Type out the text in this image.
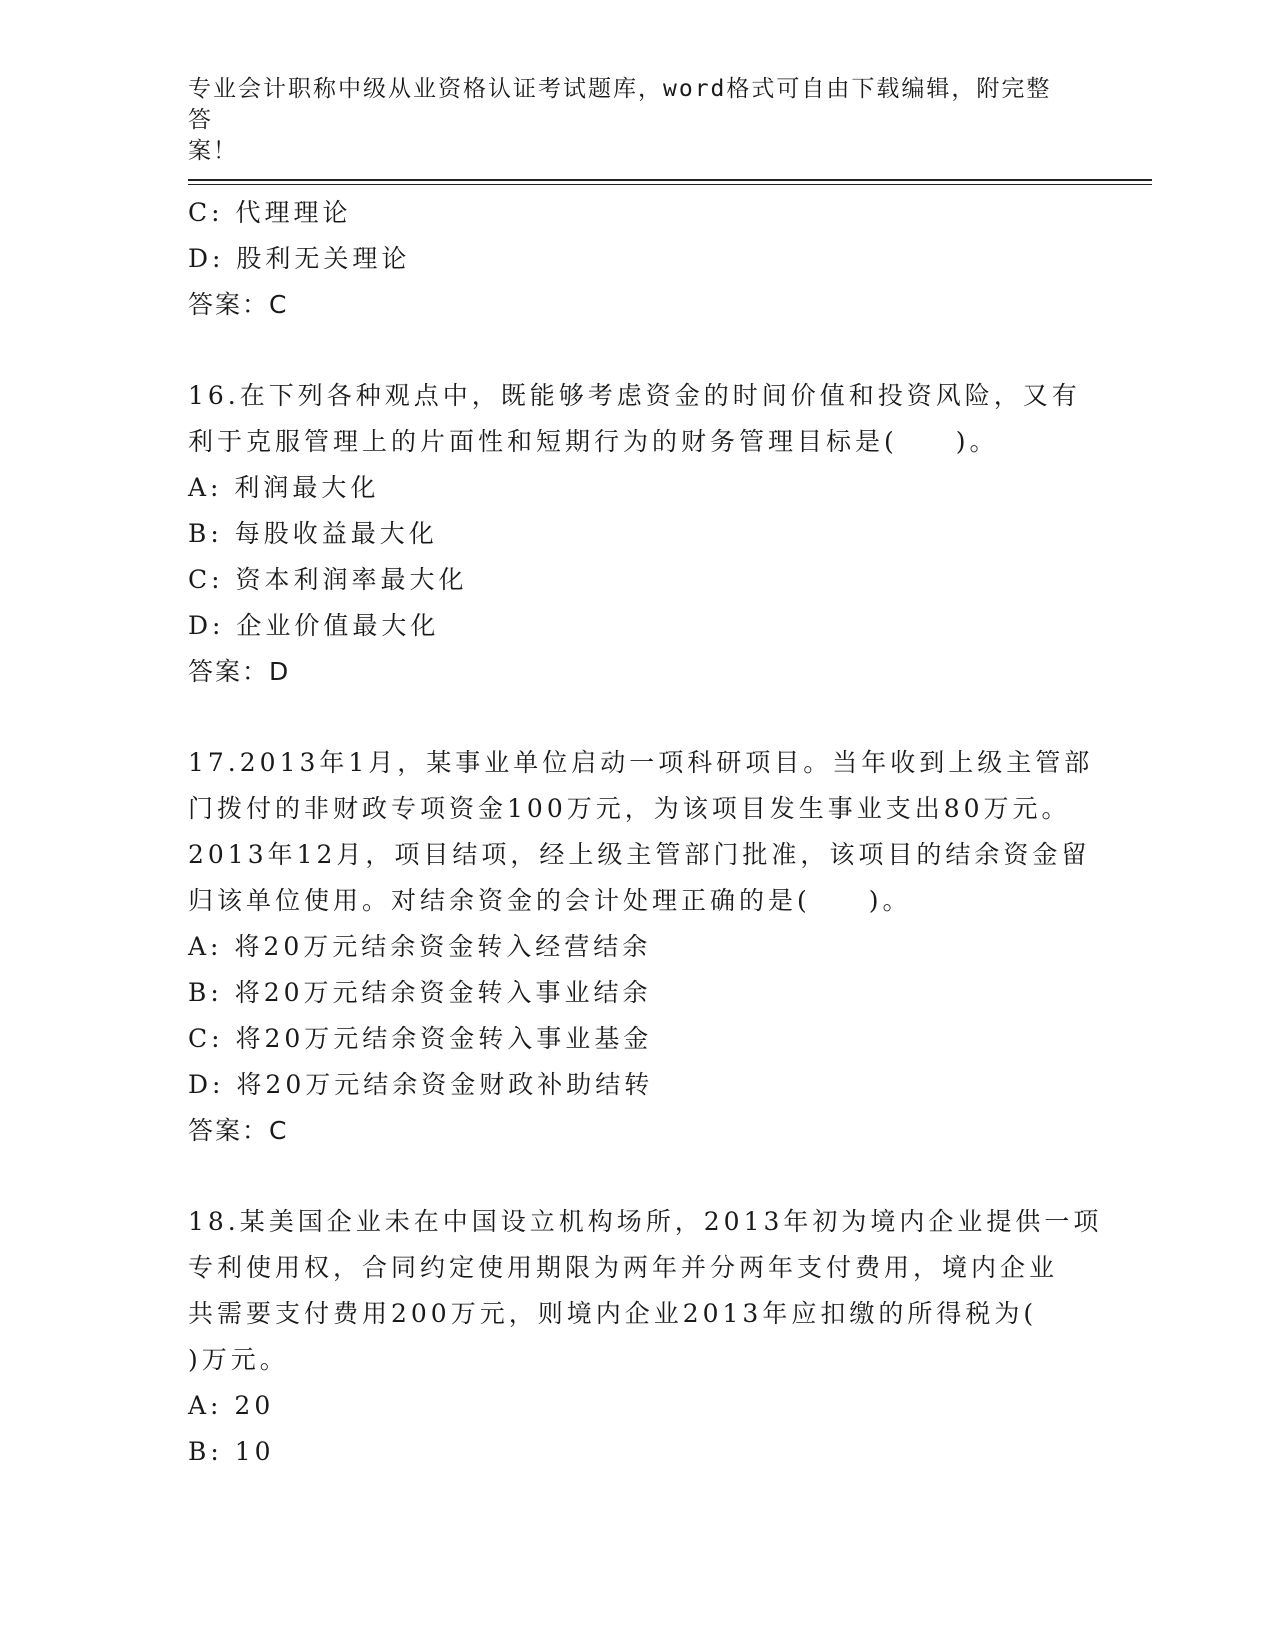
专业会计职称中级从业资格认证考试题库，word格式可自由下载编辑，附完整答
案！
C: 代理理论
D: 股利无关理论
答案：C
16.在下列各种观点中，既能够考虑资金的时间价值和投资风险，又有
利于克服管理上的片面性和短期行为的财务管理目标是(　　)。
A: 利润最大化
B: 每股收益最大化
C: 资本利润率最大化
D: 企业价值最大化
答案：D
17.2013年1月，某事业单位启动一项科研项目。当年收到上级主管部
门拨付的非财政专项资金100万元，为该项目发生事业支出80万元。
2013年12月，项目结项，经上级主管部门批准，该项目的结余资金留
归该单位使用。对结余资金的会计处理正确的是(　　)。
A: 将20万元结余资金转入经营结余
B: 将20万元结余资金转入事业结余
C: 将20万元结余资金转入事业基金
D: 将20万元结余资金财政补助结转
答案：C
18.某美国企业未在中国设立机构场所，2013年初为境内企业提供一项
专利使用权，合同约定使用期限为两年并分两年支付费用，境内企业
共需要支付费用200万元，则境内企业2013年应扣缴的所得税为(
)万元。
A: 20
B: 10
